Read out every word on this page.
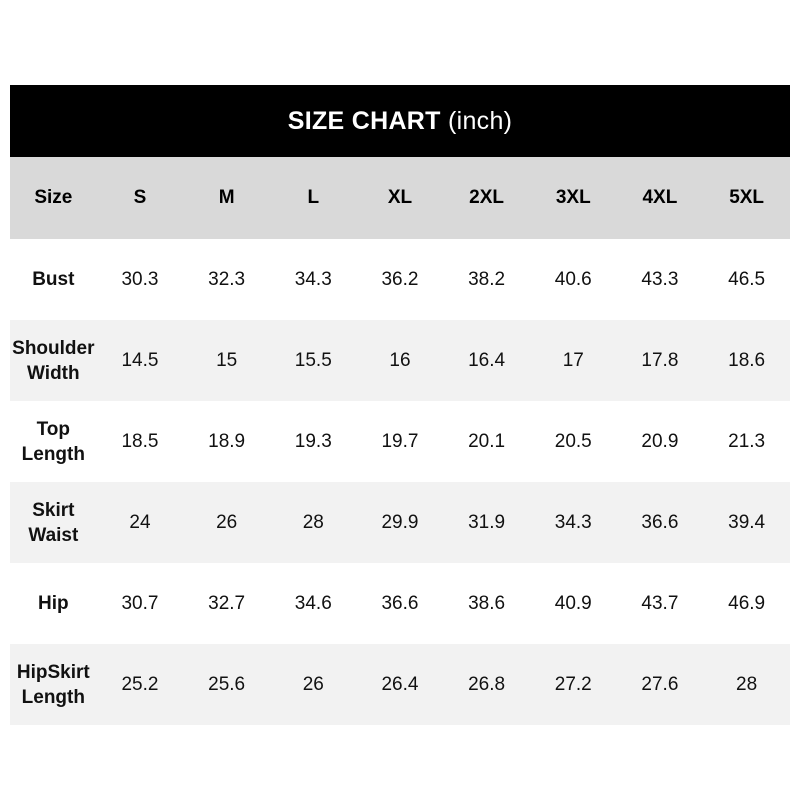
SIZE CHART (inch)								
Size	S	M	L	XL	2XL	3XL	4XL	5XL
Bust	30.3	32.3	34.3	36.2	38.2	40.6	43.3	46.5
Shoulder Width	14.5	15	15.5	16	16.4	17	17.8	18.6
Top Length	18.5	18.9	19.3	19.7	20.1	20.5	20.9	21.3
Skirt Waist	24	26	28	29.9	31.9	34.3	36.6	39.4
Hip	30.7	32.7	34.6	36.6	38.6	40.9	43.7	46.9
HipSkirt Length	25.2	25.6	26	26.4	26.8	27.2	27.6	28
